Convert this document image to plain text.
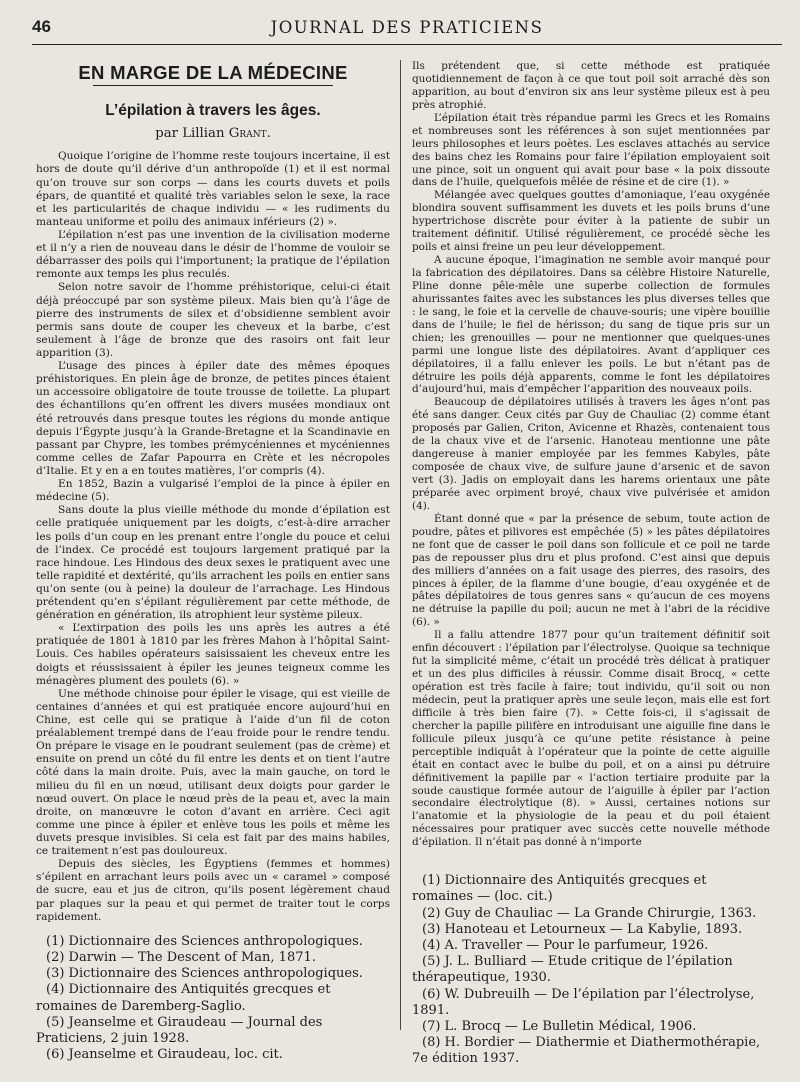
46	JOURNAL DES PRATICIENS
EN MARGE DE LA MÉDECINE
L’épilation à travers les âges.
par Lillian Grant.

Quoique l’origine de l’homme reste toujours incertaine, il est hors de doute qu’il dérive d’un anthropoïde (1) et il est normal qu’on trouve sur son corps — dans les courts duvets et poils épars, de quantité et qualité très variables selon le sexe, la race et les particularités de chaque individu — « les rudiments du manteau uniforme et poilu des animaux inférieurs (2) ».

L’épilation n’est pas une invention de la civilisation moderne et il n’y a rien de nouveau dans le désir de l’homme de vouloir se débarrasser des poils qui l’importunent; la pratique de l’épilation remonte aux temps les plus reculés.

Selon notre savoir de l’homme préhistorique, celui-ci était déjà préoccupé par son système pileux. Mais bien qu’à l’âge de pierre des instruments de silex et d’obsidienne semblent avoir permis sans doute de couper les cheveux et la barbe, c’est seulement à l’âge de bronze que des rasoirs ont fait leur apparition (3).

L’usage des pinces à épiler date des mêmes époques préhistoriques. En plein âge de bronze, de petites pinces étaient un accessoire obligatoire de toute trousse de toilette. La plupart des échantillons qu’en offrent les divers musées mondiaux ont été retrouvés dans presque toutes les régions du monde antique depuis l’Égypte jusqu’à la Grande-Bretagne et la Scandinavie en passant par Chypre, les tombes prémycéniennes et mycéniennes comme celles de Zafar Papourra en Crète et les nécropoles d’Italie. Et y en a en toutes matières, l’or compris (4).

En 1852, Bazin a vulgarisé l’emploi de la pince à épiler en médecine (5).

Sans doute la plus vieille méthode du monde d’épilation est celle pratiquée uniquement par les doigts, c’est-à-dire arracher les poils d’un coup en les prenant entre l’ongle du pouce et celui de l’index. Ce procédé est toujours largement pratiqué par la race hindoue. Les Hindous des deux sexes le pratiquent avec une telle rapidité et dextérité, qu’ils arrachent les poils en entier sans qu’on sente (ou à peine) la douleur de l’arrachage. Les Hindous prétendent qu’en s’épilant régulièrement par cette méthode, de génération en génération, ils atrophient leur système pileux.

« L’extirpation des poils les uns après les autres a été pratiquée de 1801 à 1810 par les frères Mahon à l’hôpital Saint-Louis. Ces habiles opérateurs saisissaient les cheveux entre les doigts et réussissaient à épiler les jeunes teigneux comme les ménagères plument des poulets (6). »

Une méthode chinoise pour épiler le visage, qui est vieille de centaines d’années et qui est pratiquée encore aujourd’hui en Chine, est celle qui se pratique à l’aide d’un fil de coton préalablement trempé dans de l’eau froide pour le rendre tendu. On prépare le visage en le poudrant seulement (pas de crème) et ensuite on prend un côté du fil entre les dents et on tient l’autre côté dans la main droite. Puis, avec la main gauche, on tord le milieu du fil en un nœud, utilisant deux doigts pour garder le nœud ouvert. On place le nœud près de la peau et, avec la main droite, on manœuvre le coton d’avant en arrière. Ceci agit comme une pince à épiler et enlève tous les poils et même les duvets presque invisibles. Si cela est fait par des mains habiles, ce traitement n’est pas douloureux.

Depuis des siècles, les Égyptiens (femmes et hommes) s’épilent en arrachant leurs poils avec un « caramel » composé de sucre, eau et jus de citron, qu’ils posent légèrement chaud par plaques sur la peau et qui permet de traiter tout le corps rapidement.

(1) Dictionnaire des Sciences anthropologiques.
(2) Darwin — The Descent of Man, 1871.
(3) Dictionnaire des Sciences anthropologiques.
(4) Dictionnaire des Antiquités grecques et romaines de Daremberg-Saglio.
(5) Jeanselme et Giraudeau — Journal des Praticiens, 2 juin 1928.
(6) Jeanselme et Giraudeau, loc. cit.

Ils prétendent que, si cette méthode est pratiquée quotidiennement de façon à ce que tout poil soit arraché dès son apparition, au bout d’environ six ans leur système pileux est à peu près atrophié.

L’épilation était très répandue parmi les Grecs et les Romains et nombreuses sont les références à son sujet mentionnées par leurs philosophes et leurs poètes. Les esclaves attachés au service des bains chez les Romains pour faire l’épilation employaient soit une pince, soit un onguent qui avait pour base « la poix dissoute dans de l’huile, quelquefois mêlée de résine et de cire (1). »

Mélangée avec quelques gouttes d’amoniaque, l’eau oxygénée blondira souvent suffisamment les duvets et les poils bruns d’une hypertrichose discrète pour éviter à la patiente de subir un traitement définitif. Utilisé régulièrement, ce procédé sèche les poils et ainsi freine un peu leur développement.

A aucune époque, l’imagination ne semble avoir manqué pour la fabrication des dépilatoires. Dans sa célèbre Histoire Naturelle, Pline donne pêle-mêle une superbe collection de formules ahurissantes faites avec les substances les plus diverses telles que : le sang, le foie et la cervelle de chauve-souris; une vipère bouillie dans de l’huile; le fiel de hérisson; du sang de tique pris sur un chien; les grenouilles — pour ne mentionner que quelques-unes parmi une longue liste des dépilatoires. Avant d’appliquer ces dépilatoires, il a fallu enlever les poils. Le but n’étant pas de détruire les poils déjà apparents, comme le font les dépilatoires d’aujourd’hui, mais d’empêcher l’apparition des nouveaux poils.

Beaucoup de dépilatoires utilisés à travers les âges n’ont pas été sans danger. Ceux cités par Guy de Chauliac (2) comme étant proposés par Galien, Criton, Avicenne et Rhazès, contenaient tous de la chaux vive et de l’arsenic. Hanoteau mentionne une pâte dangereuse à manier employée par les femmes Kabyles, pâte composée de chaux vive, de sulfure jaune d’arsenic et de savon vert (3). Jadis on employait dans les harems orientaux une pâte préparée avec orpiment broyé, chaux vive pulvérisée et amidon (4).

Étant donné que « par la présence de sebum, toute action de poudre, pâtes et pilivores est empêchée (5) » les pâtes dépilatoires ne font que de casser le poil dans son follicule et ce poil ne tarde pas de repousser plus dru et plus profond. C’est ainsi que depuis des milliers d’années on a fait usage des pierres, des rasoirs, des pinces à épiler, de la flamme d’une bougie, d’eau oxygénée et de pâtes dépilatoires de tous genres sans « qu’aucun de ces moyens ne détruise la papille du poil; aucun ne met à l’abri de la récidive (6). »

Il a fallu attendre 1877 pour qu’un traitement définitif soit enfin découvert : l’épilation par l’électrolyse. Quoique sa technique fut la simplicité même, c’était un procédé très délicat à pratiquer et un des plus difficiles à réussir. Comme disait Brocq, « cette opération est très facile à faire; tout individu, qu’il soit ou non médecin, peut la pratiquer après une seule leçon, mais elle est fort difficile à très bien faire (7). » Cette fois-ci, il s’agissait de chercher la papille pilifère en introduisant une aiguille fine dans le follicule pileux jusqu’à ce qu’une petite résistance à peine perceptible indiquât à l’opérateur que la pointe de cette aiguille était en contact avec le bulbe du poil, et on a ainsi pu détruire définitivement la papille par « l’action tertiaire produite par la soude caustique formée autour de l’aiguille à épiler par l’action secondaire électrolytique (8). » Aussi, certaines notions sur l’anatomie et la physiologie de la peau et du poil étaient nécessaires pour pratiquer avec succès cette nouvelle méthode d’épilation. Il n’était pas donné à n’importe

(1) Dictionnaire des Antiquités grecques et romaines — (loc. cit.)
(2) Guy de Chauliac — La Grande Chirurgie, 1363.
(3) Hanoteau et Letourneux — La Kabylie, 1893.
(4) A. Traveller — Pour le parfumeur, 1926.
(5) J. L. Bulliard — Etude critique de l’épilation thérapeutique, 1930.
(6) W. Dubreuilh — De l’épilation par l’électrolyse, 1891.
(7) L. Brocq — Le Bulletin Médical, 1906.
(8) H. Bordier — Diathermie et Diathermothérapie, 7e édition 1937.
